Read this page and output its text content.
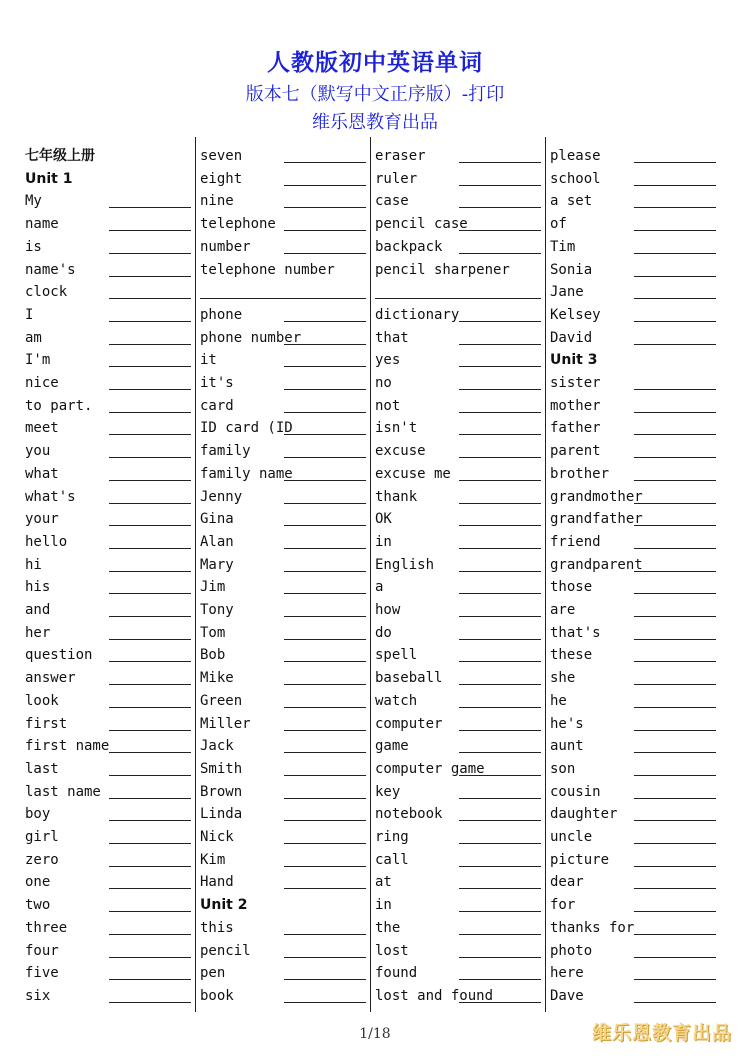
人教版初中英语单词
版本七（默写中文正序版）-打印
维乐恩教育出品
七年级上册
Unit 1
My
name
is
name's
clock
I
am
I'm
nice
to part.
meet
you
what
what's
your
hello
hi
his
and
her
question
answer
look
first
first name
last
last name
boy
girl
zero
one
two
three
four
five
six
seven
eight
nine
telephone
number
telephone number
phone
phone number
it
it's
card
ID card (ID
family
family name
Jenny
Gina
Alan
Mary
Jim
Tony
Tom
Bob
Mike
Green
Miller
Jack
Smith
Brown
Linda
Nick
Kim
Hand
Unit 2
this
pencil
pen
book
eraser
ruler
case
pencil case
backpack
pencil sharpener
dictionary
that
yes
no
not
isn't
excuse
excuse me
thank
OK
in
English
a
how
do
spell
baseball
watch
computer
game
computer game
key
notebook
ring
call
at
in
the
lost
found
lost and found
please
school
a set
of
Tim
Sonia
Jane
Kelsey
David
Unit 3
sister
mother
father
parent
brother
grandmother
grandfather
friend
grandparent
those
are
that's
these
she
he
he's
aunt
son
cousin
daughter
uncle
picture
dear
for
thanks for
photo
here
Dave
1/18	维乐恩教育出品
